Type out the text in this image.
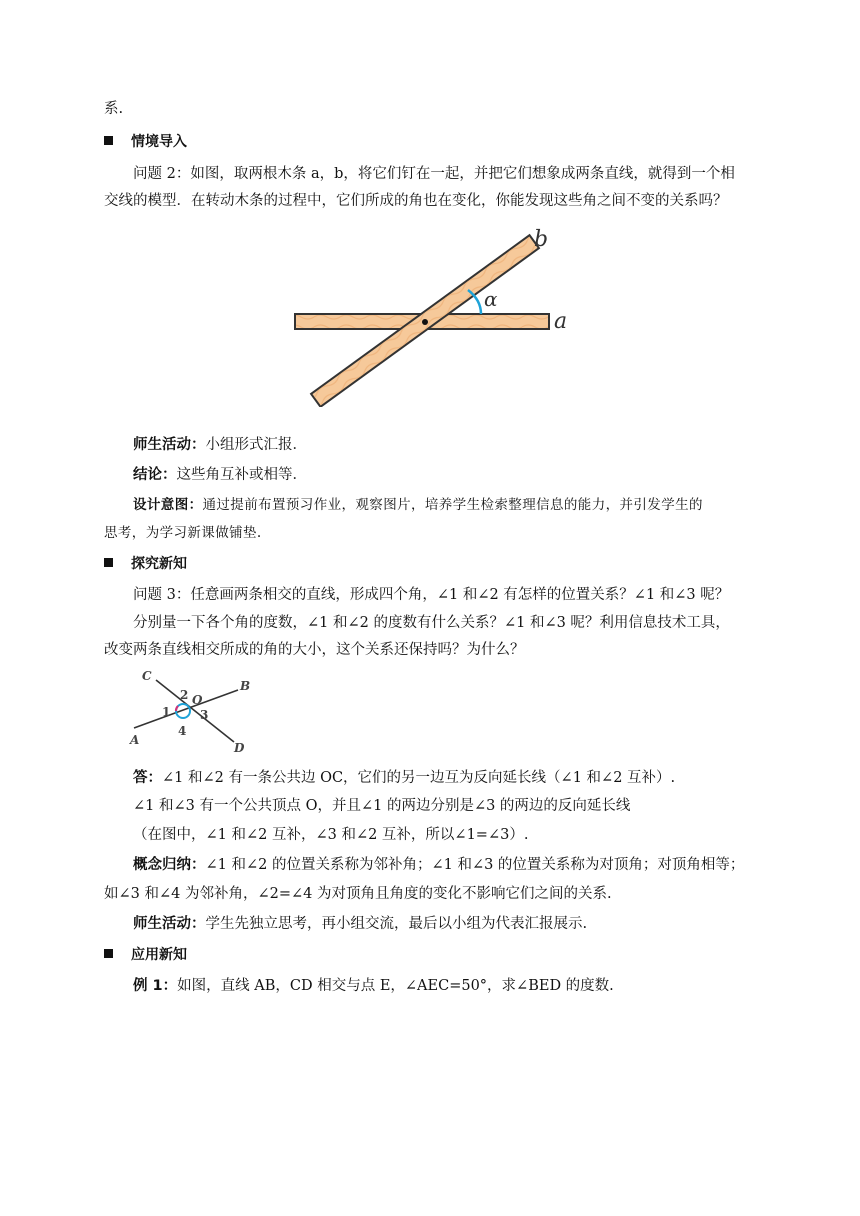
系.
情境导入
问题 2：如图，取两根木条 a，b，将它们钉在一起，并把它们想象成两条直线，就得到一个相
交线的模型．在转动木条的过程中，它们所成的角也在变化，你能发现这些角之间不变的关系吗？
α
b
a
师生活动：小组形式汇报．
结论：这些角互补或相等．
设计意图：通过提前布置预习作业，观察图片，培养学生检索整理信息的能力，并引发学生的
思考，为学习新课做铺垫.
探究新知
问题 3：任意画两条相交的直线，形成四个角，∠1 和∠2 有怎样的位置关系？∠1 和∠3 呢？
分别量一下各个角的度数，∠1 和∠2 的度数有什么关系？∠1 和∠3 呢？利用信息技术工具，
改变两条直线相交所成的角的大小，这个关系还保持吗？为什么？
C
B
A
D
O
1
2
3
4
答：∠1 和∠2 有一条公共边 OC，它们的另一边互为反向延长线（∠1 和∠2 互补）.
∠1 和∠3 有一个公共顶点 O，并且∠1 的两边分别是∠3 的两边的反向延长线
（在图中，∠1 和∠2 互补，∠3 和∠2 互补，所以∠1=∠3）.
概念归纳：∠1 和∠2 的位置关系称为邻补角；∠1 和∠3 的位置关系称为对顶角；对顶角相等；
如∠3 和∠4 为邻补角，∠2=∠4 为对顶角且角度的变化不影响它们之间的关系.
师生活动：学生先独立思考，再小组交流，最后以小组为代表汇报展示.
应用新知
例 1：如图，直线 AB，CD 相交与点 E，∠AEC=50°，求∠BED 的度数.
